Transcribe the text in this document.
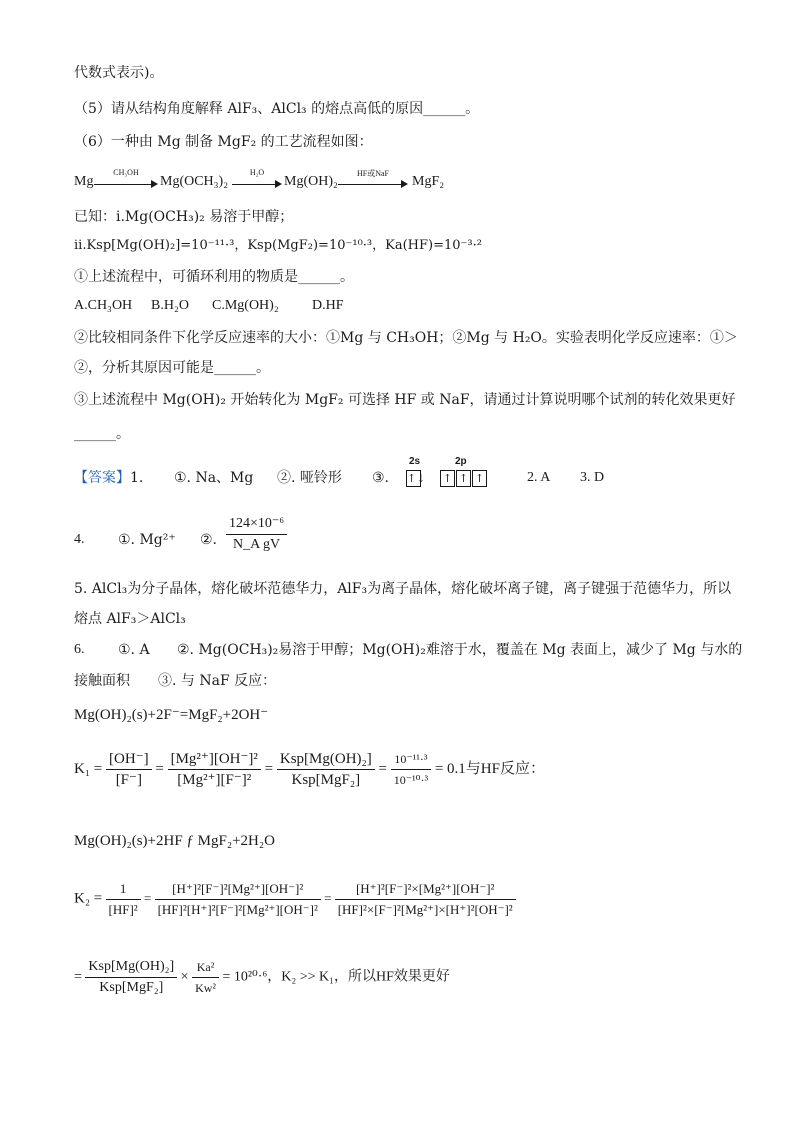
代数式表示)。
（5）请从结构角度解释 AlF₃、AlCl₃ 的熔点高低的原因______。
（6）一种由 Mg 制备 MgF₂ 的工艺流程如图：
Mg
CH₃OH
Mg(OCH₃)₂
H₂O
Mg(OH)₂
HF或NaF
MgF₂
已知：i.Mg(OCH₃)₂ 易溶于甲醇；
ii.Ksp[Mg(OH)₂]=10⁻¹¹·³，Ksp(MgF₂)=10⁻¹⁰·³，Ka(HF)=10⁻³·²
①上述流程中，可循环利用的物质是______。
A.CH₃OH B.H₂O C.Mg(OH)₂ D.HF
②比较相同条件下化学反应速率的大小：①Mg 与 CH₃OH；②Mg 与 H₂O。实验表明化学反应速率：①＞
②，分析其原因可能是______。
③上述流程中 Mg(OH)₂ 开始转化为 MgF₂ 可选择 HF 或 NaF，请通过计算说明哪个试剂的转化效果更好
______。
【答案】1. ①. Na、Mg ②. 哑铃形 ③.
2s	2p
↑↓ ↑ ↑ ↑	2. A 3. D
4. ①. Mg²⁺ ②. $\frac{\text{124×10⁻⁶}}{\text{N\_A gV}}$
5. AlCl₃为分子晶体，熔化破坏范德华力，AlF₃为离子晶体，熔化破坏离子键，离子键强于范德华力，所以
熔点 AlF₃＞AlCl₃
6. ①. A ②. Mg(OCH₃)₂易溶于甲醇；Mg(OH)₂难溶于水，覆盖在 Mg 表面上，减少了 Mg 与水的
接触面积 ③. 与 NaF 反应：
Mg(OH)₂(s)+2F⁻=MgF₂+2OH⁻
$K_1 = \frac{[OH^-]}{[F^-]} = \frac{\text{[Mg²⁺][OH⁻]²}}{\text{[Mg²⁺][F⁻]²}} = \frac{\text{Ksp[Mg(OH)₂]}}{\text{Ksp[MgF₂]}} = \frac{\text{10⁻¹¹·³}}{\text{10⁻¹⁰·³}} = 0.1$与HF反应：
Mg(OH)₂(s)+2HF ƒ MgF₂+2H₂O
$K_2 = \frac{1}{\text{[HF]²}} = \frac{\text{[H⁺]²[F⁻]²[Mg²⁺][OH⁻]²}}{\text{[HF]²[H⁺]²[F⁻]²[Mg²⁺][OH⁻]²}} = \frac{\text{[H⁺]²[F⁻]²×[Mg²⁺][OH⁻]²}}{\text{[HF]²×[F⁻]²[Mg²⁺]×[H⁺]²[OH⁻]²}}$
= $\frac{\text{Ksp[Mg(OH)₂]}}{\text{Ksp[MgF₂]}} \times \frac{\text{Ka²}}{\text{Kw²}} = 10^{20}\cdot^6$，K₂ >> K₁，所以HF效果更好
